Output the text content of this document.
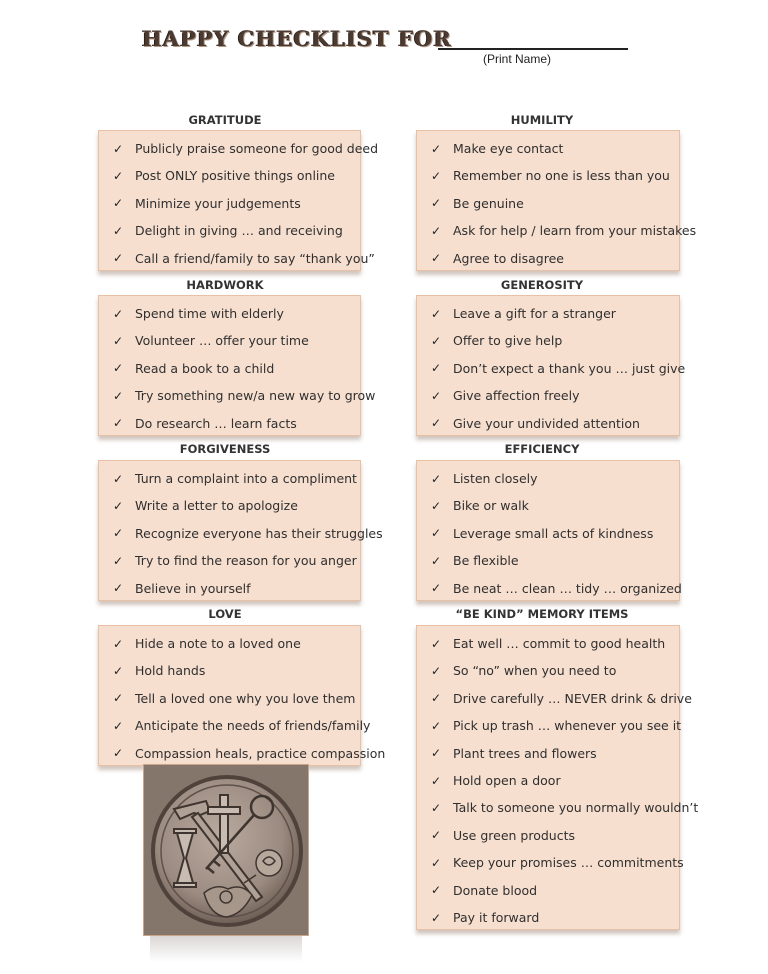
HAPPY CHECKLIST FOR
(Print Name)
GRATITUDE	HUMILITY
HARDWORK	GENEROSITY
FORGIVENESS	EFFICIENCY
LOVE	“BE KIND” MEMORY ITEMS
✓ Publicly praise someone for good deed
✓ Post ONLY positive things online
✓ Minimize your judgements
✓ Delight in giving … and receiving
✓ Call a friend/family to say “thank you”
✓ Make eye contact
✓ Remember no one is less than you
✓ Be genuine
✓ Ask for help / learn from your mistakes
✓ Agree to disagree
✓ Spend time with elderly
✓ Volunteer … offer your time
✓ Read a book to a child
✓ Try something new/a new way to grow
✓ Do research … learn facts
✓ Leave a gift for a stranger
✓ Offer to give help
✓ Don’t expect a thank you … just give
✓ Give affection freely
✓ Give your undivided attention
✓ Turn a complaint into a compliment
✓ Write a letter to apologize
✓ Recognize everyone has their struggles
✓ Try to find the reason for you anger
✓ Believe in yourself
✓ Listen closely
✓ Bike or walk
✓ Leverage small acts of kindness
✓ Be flexible
✓ Be neat … clean … tidy … organized
✓ Hide a note to a loved one
✓ Hold hands
✓ Tell a loved one why you love them
✓ Anticipate the needs of friends/family
✓ Compassion heals, practice compassion
✓ Eat well … commit to good health
✓ So “no” when you need to
✓ Drive carefully … NEVER drink & drive
✓ Pick up trash … whenever you see it
✓ Plant trees and flowers
✓ Hold open a door
✓ Talk to someone you normally wouldn’t
✓ Use green products
✓ Keep your promises … commitments
✓ Donate blood
✓ Pay it forward
